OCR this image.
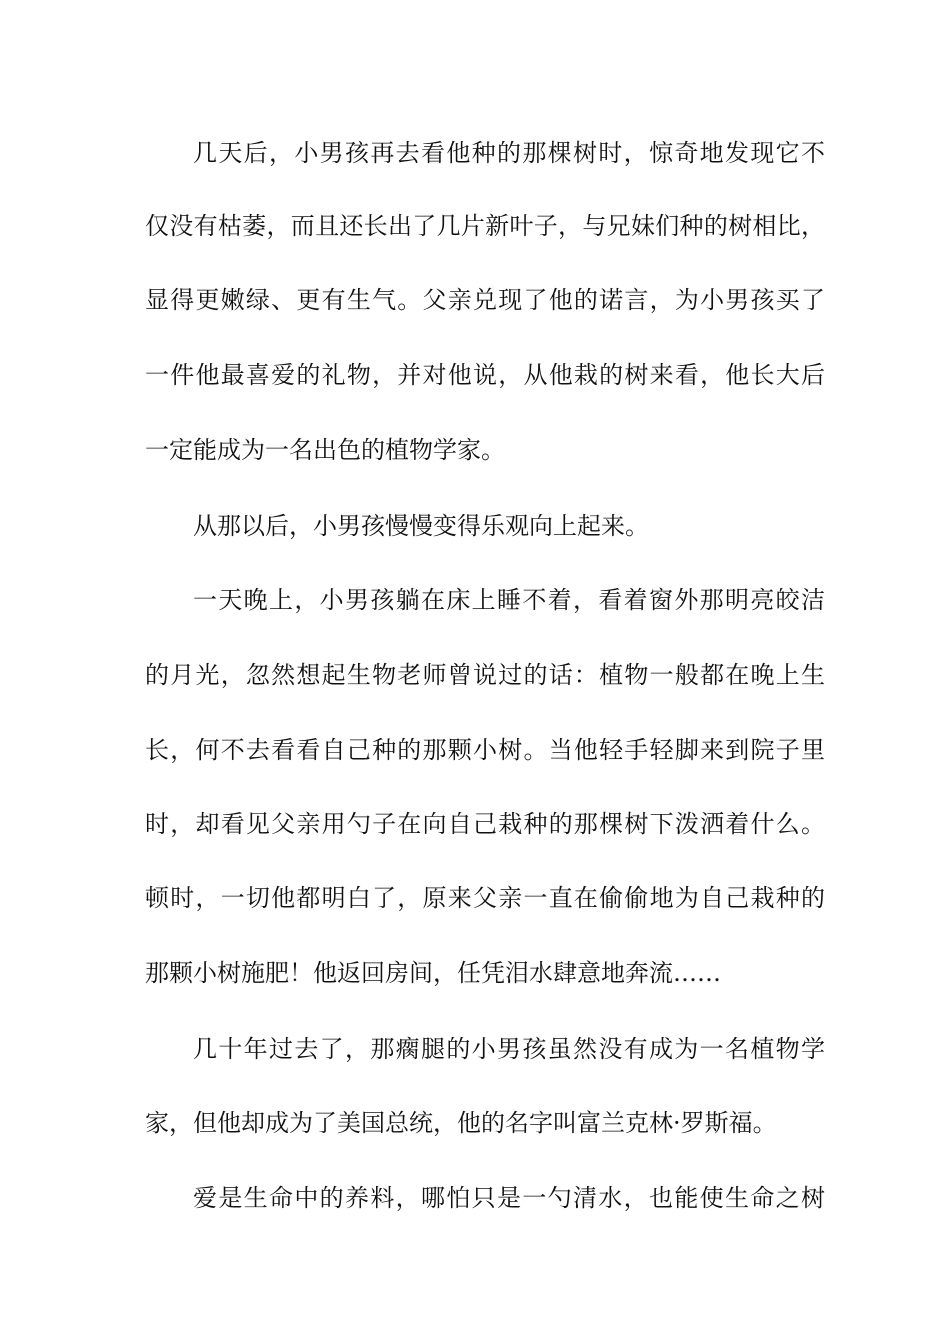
几天后，小男孩再去看他种的那棵树时，惊奇地发现它不
仅没有枯萎，而且还长出了几片新叶子，与兄妹们种的树相比，
显得更嫩绿、更有生气。父亲兑现了他的诺言，为小男孩买了
一件他最喜爱的礼物，并对他说，从他栽的树来看，他长大后
一定能成为一名出色的植物学家。
从那以后，小男孩慢慢变得乐观向上起来。
一天晚上，小男孩躺在床上睡不着，看着窗外那明亮皎洁
的月光，忽然想起生物老师曾说过的话：植物一般都在晚上生
长，何不去看看自己种的那颗小树。当他轻手轻脚来到院子里
时，却看见父亲用勺子在向自己栽种的那棵树下泼洒着什么。
顿时，一切他都明白了，原来父亲一直在偷偷地为自己栽种的
那颗小树施肥！他返回房间，任凭泪水肆意地奔流……
几十年过去了，那瘸腿的小男孩虽然没有成为一名植物学
家，但他却成为了美国总统，他的名字叫富兰克林·罗斯福。
爱是生命中的养料，哪怕只是一勺清水，也能使生命之树
